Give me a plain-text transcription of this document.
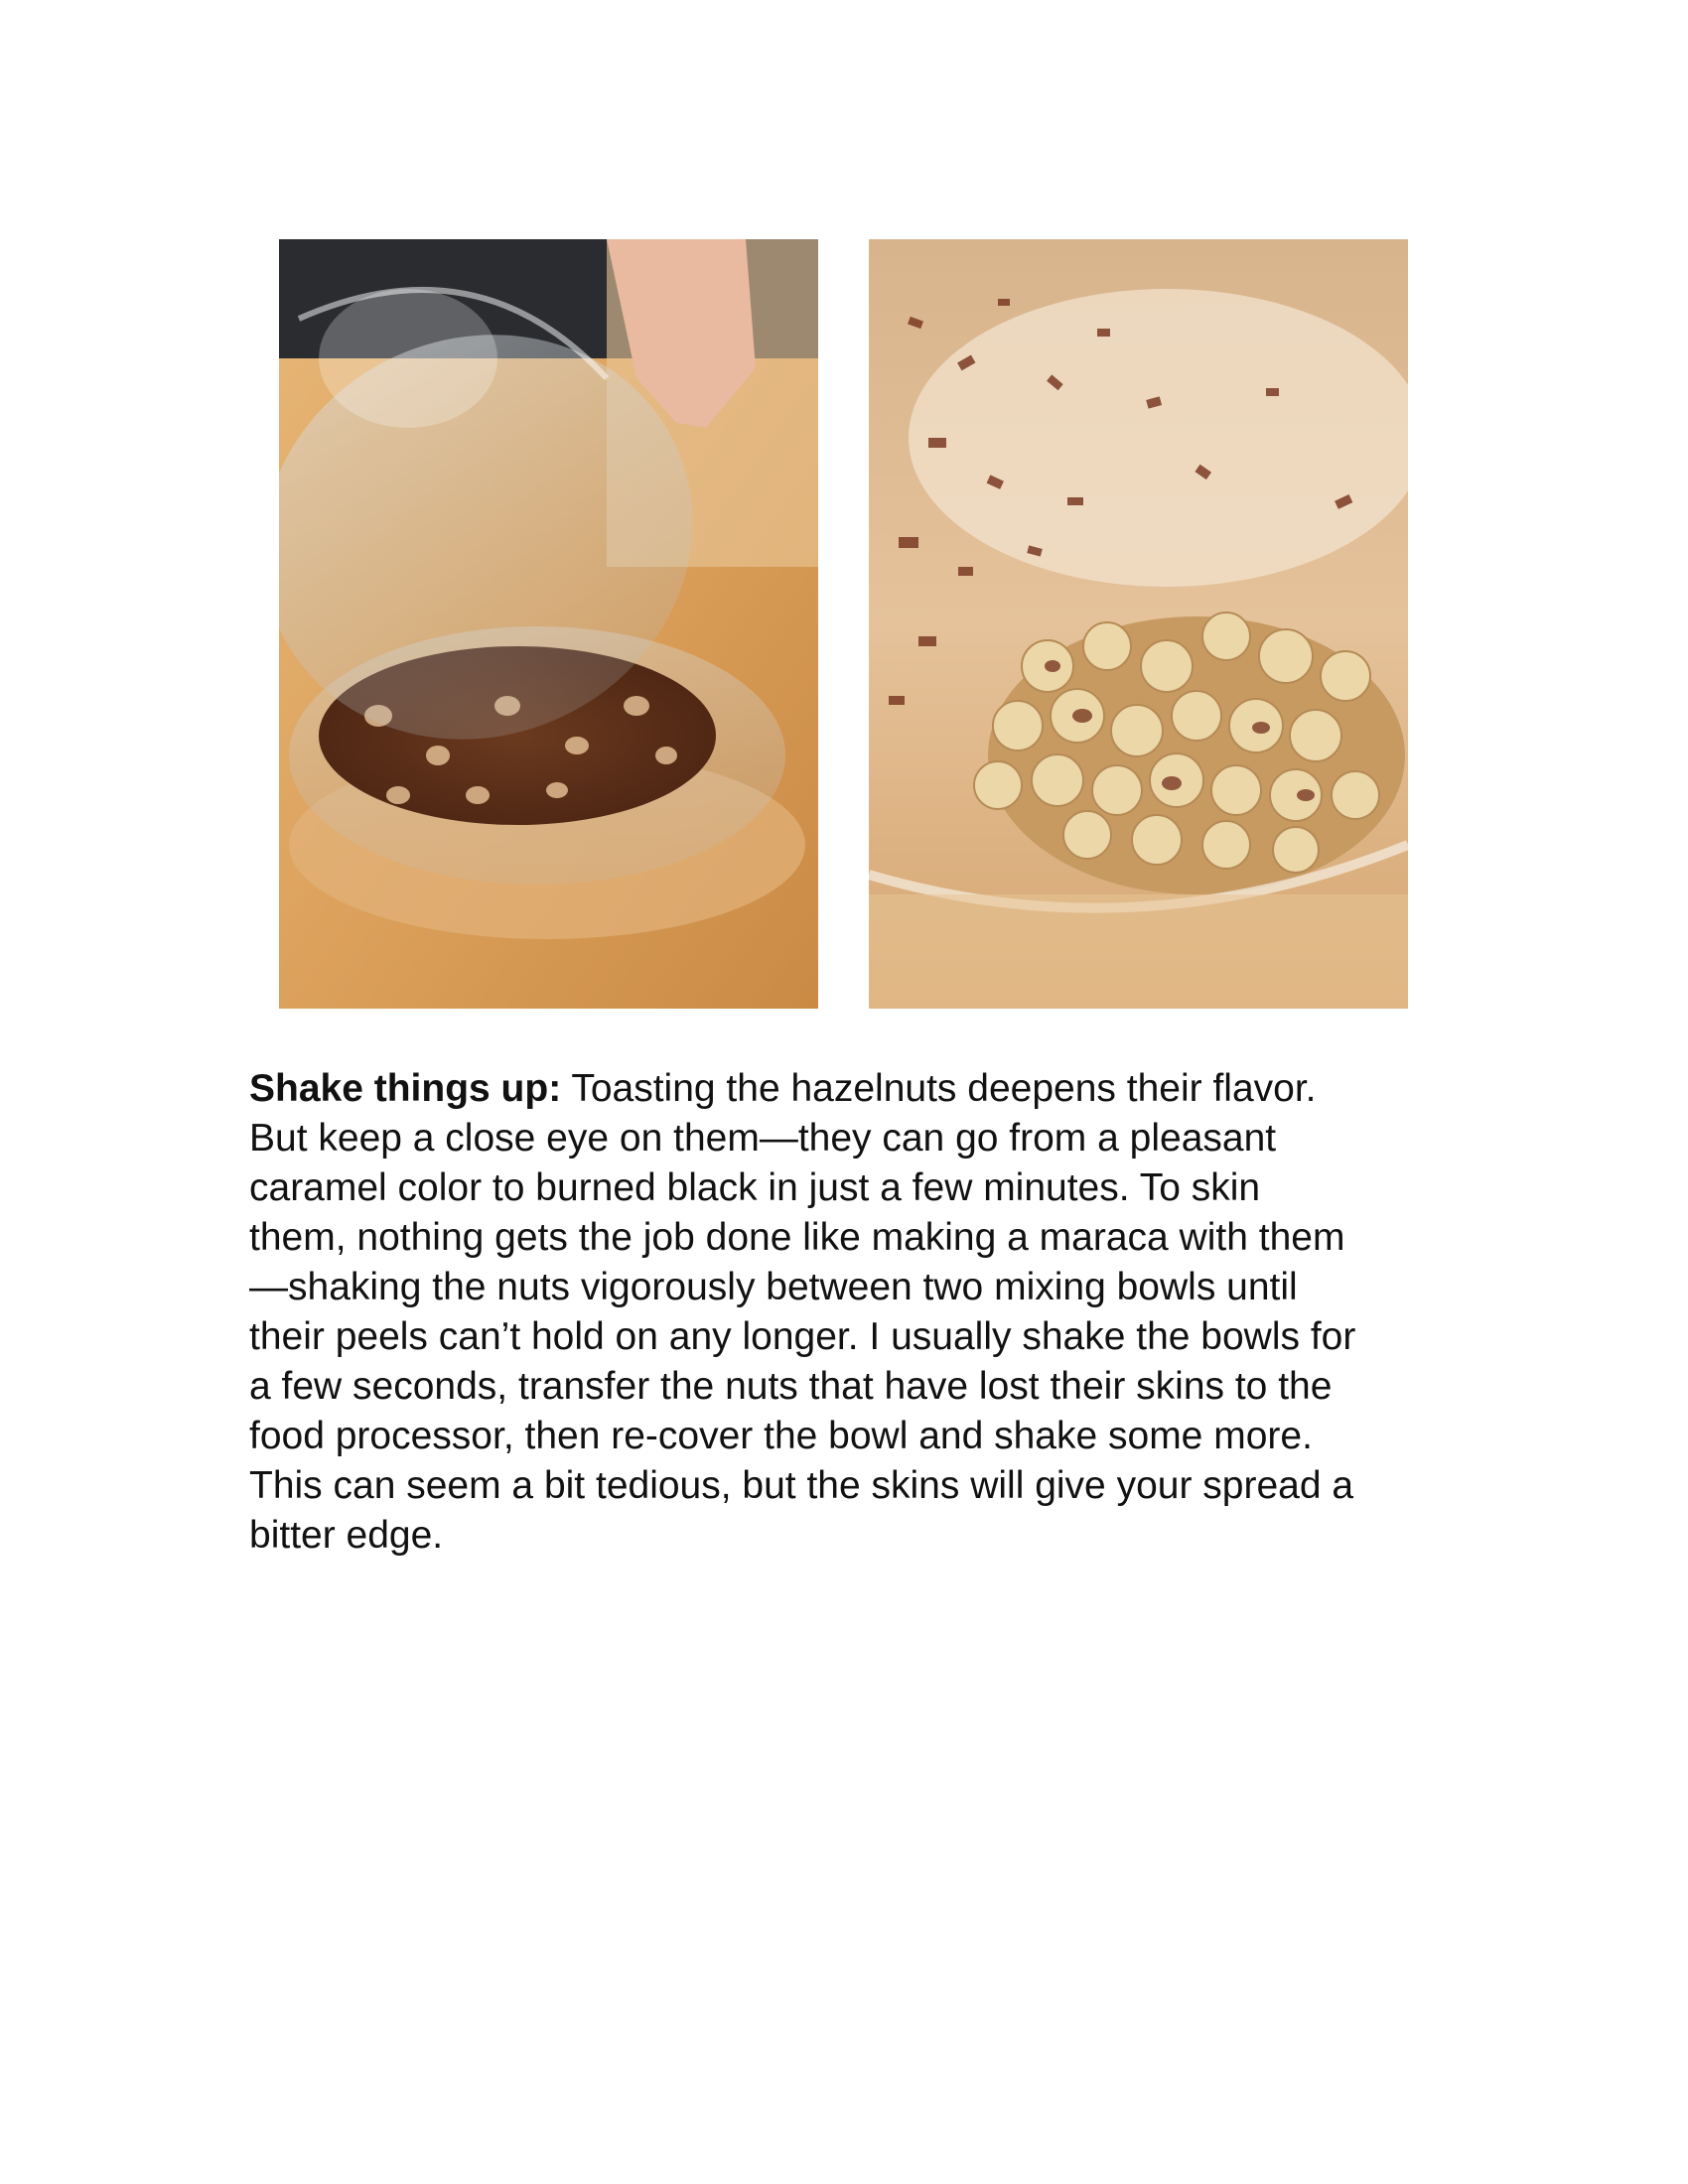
Shake things up: Toasting the hazelnuts deepens their flavor.
But keep a close eye on them—they can go from a pleasant
caramel color to burned black in just a few minutes. To skin
them, nothing gets the job done like making a maraca with them
—shaking the nuts vigorously between two mixing bowls until
their peels can’t hold on any longer. I usually shake the bowls for
a few seconds, transfer the nuts that have lost their skins to the
food processor, then re-cover the bowl and shake some more.
This can seem a bit tedious, but the skins will give your spread a
bitter edge.
